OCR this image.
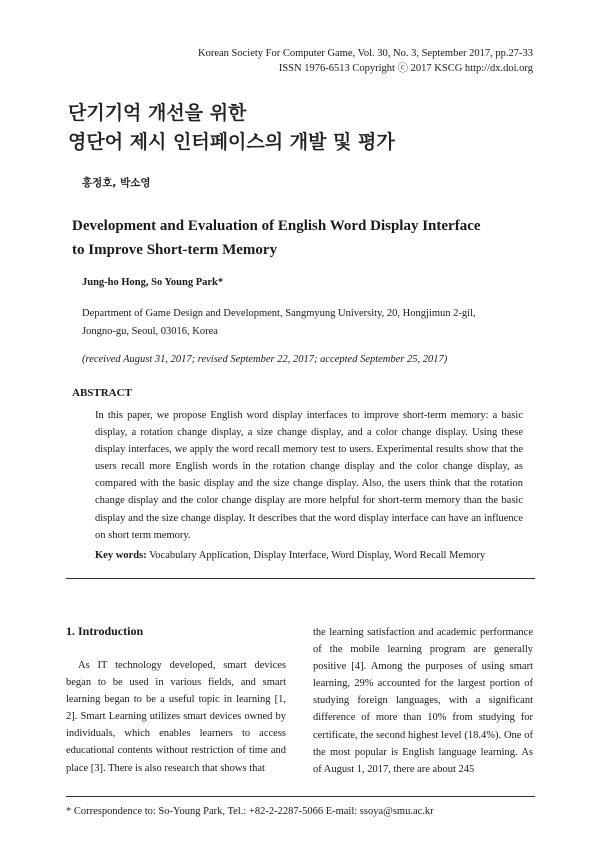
Korean Society For Computer Game, Vol. 30, No. 3, September 2017, pp.27-33
ISSN 1976-6513 Copyright ⓒ 2017 KSCG http://dx.doi.org
단기기억 개선을 위한
영단어 제시 인터페이스의 개발 및 평가
홍정호, 박소영
Development and Evaluation of English Word Display Interface
to Improve Short-term Memory
Jung-ho Hong, So Young Park*
Department of Game Design and Development, Sangmyung University, 20, Hongjimun 2-gil,
Jongno-gu, Seoul, 03016, Korea
(received August 31, 2017; revised September 22, 2017; accepted September 25, 2017)
ABSTRACT
In this paper, we propose English word display interfaces to improve short-term memory: a basic display, a rotation change display, a size change display, and a color change display. Using these display interfaces, we apply the word recall memory test to users. Experimental results show that the users recall more English words in the rotation change display and the color change display, as compared with the basic display and the size change display. Also, the users think that the rotation change display and the color change display are more helpful for short-term memory than the basic display and the size change display. It describes that the word display interface can have an influence on short term memory.
Key words: Vocabulary Application, Display Interface, Word Display, Word Recall Memory
1. Introduction

As IT technology developed, smart devices began to be used in various fields, and smart learning began to be a useful topic in learning [1, 2]. Smart Learning utilizes smart devices owned by individuals, which enables learners to access educational contents without restriction of time and place [3]. There is also research that shows that

the learning satisfaction and academic performance of the mobile learning program are generally positive [4]. Among the purposes of using smart learning, 29% accounted for the largest portion of studying foreign languages, with a significant difference of more than 10% from studying for certificate, the second highest level (18.4%). One of the most popular is English language learning. As of August 1, 2017, there are about 245

* Correspondence to: So-Young Park, Tel.: +82-2-2287-5066 E-mail: ssoya@smu.ac.kr
